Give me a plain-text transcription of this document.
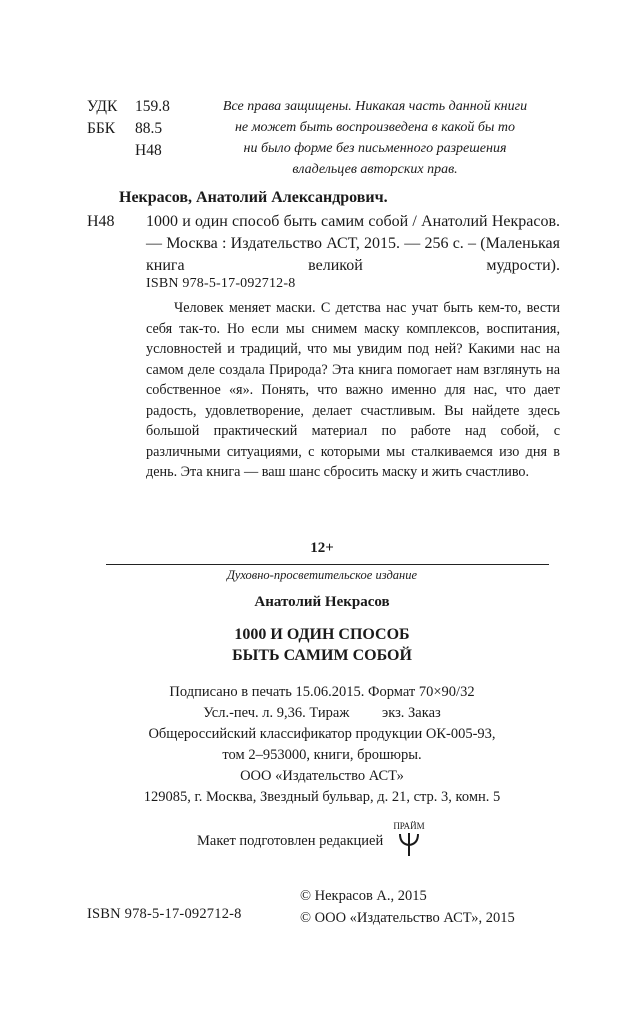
УДК	159.8
ББК	88.5
Н48
Все права защищены. Никакая часть данной книги
не может быть воспроизведена в какой бы то
ни было форме без письменного разрешения
владельцев авторских прав.
Некрасов, Анатолий Александрович.
Н48 1000 и один способ быть самим собой / Анатолий Некрасов. — Москва : Издательство АСТ, 2015. — 256 с. – (Маленькая книга великой мудрости).
ISBN 978-5-17-092712-8
Человек меняет маски. С детства нас учат быть кем-то, вести себя так-то. Но если мы снимем маску комплексов, воспитания, условностей и традиций, что мы увидим под ней? Какими нас на самом деле создала Природа? Эта книга помогает нам взглянуть на собственное «я». Понять, что важно именно для нас, что дает радость, удовлетворение, делает счастливым. Вы найдете здесь большой практический материал по работе над собой, с различными ситуациями, с которыми мы сталкиваемся изо дня в день. Эта книга — ваш шанс сбросить маску и жить счастливо.
12+
Духовно-просветительское издание
Анатолий Некрасов
1000 И ОДИН СПОСОБ
БЫТЬ САМИМ СОБОЙ
Подписано в печать 15.06.2015. Формат 70×90/32
Усл.-печ. л. 9,36. Тираж         экз. Заказ
Общероссийский классификатор продукции ОК-005-93,
том 2–953000, книги, брошюры.
ООО «Издательство АСТ»
129085, г. Москва, Звездный бульвар, д. 21, стр. 3, комн. 5
Макет подготовлен редакцией
ПРАЙМ
ISBN 978-5-17-092712-8
© Некрасов А., 2015
© ООО «Издательство АСТ», 2015
